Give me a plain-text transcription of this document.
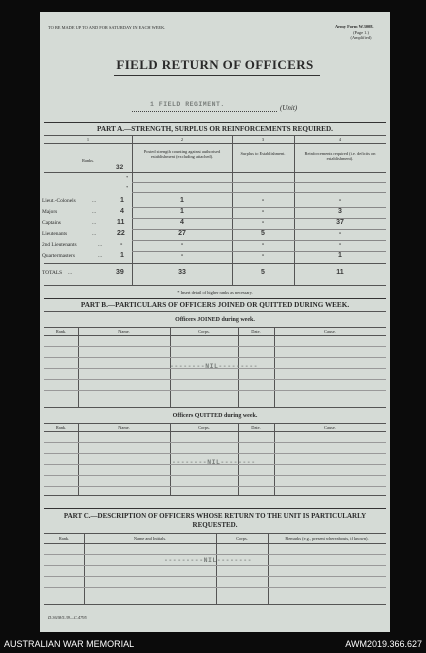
TO BE MADE UP TO AND FOR SATURDAY IN EACH WEEK.	Army Form W.3008.
(Page 1.)
(Amplified)
FIELD RETURN OF OFFICERS
1 FIELD REGIMENT.	(Unit)
PART A.—STRENGTH, SURPLUS OR REINFORCEMENTS REQUIRED.
1	2	3	4
Ranks.
Posted strength counting against authorised establishment (excluding attached).
Surplus to Establishment.	Reinforcements required (i.e. deficits on establishment).
32
*
*
Lieut.-Colonels	...	1	1	-	-
Majors	...	4	1	-	3
Captains	...	11	4	-	37
Lieutenants	...	22	27	5	-
2nd Lieutenants	...	-	-	-	-
Quartermasters	...	1	-	-	1
TOTALS ...	39	33	5	11
* Insert detail of higher ranks as necessary.
PART B.—PARTICULARS OF OFFICERS JOINED OR QUITTED DURING WEEK.
Officers JOINED during week.
Rank.	Name.	Corps.	Date.	Cause.
--------NIL---------
Officers QUITTED during week.
Rank.	Name.	Corps.	Date.	Cause.
--------NIL--------
PART C.—DESCRIPTION OF OFFICERS WHOSE RETURN TO THE UNIT IS PARTICULARLY
REQUESTED.
Rank.	Name and Initials.	Corps.	Remarks (e.g., present whereabouts, if known).
---------NIL--------
D.3638/5.39—C.4795
AUSTRALIAN WAR MEMORIAL	AWM2019.366.627
